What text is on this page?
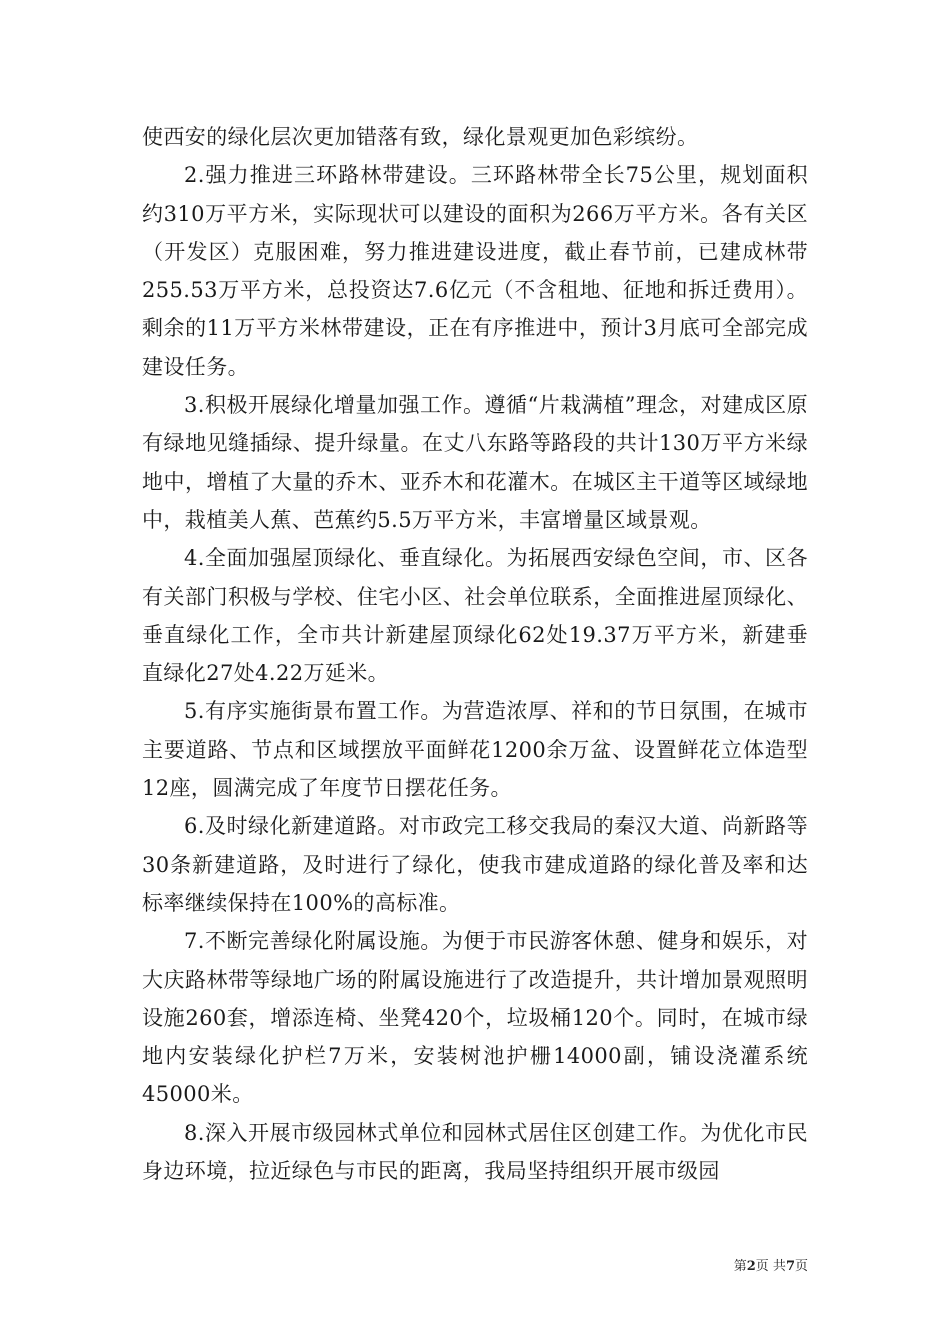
使西安的绿化层次更加错落有致，绿化景观更加色彩缤纷。

2.强力推进三环路林带建设。三环路林带全长75公里，规划面积约310万平方米，实际现状可以建设的面积为266万平方米。各有关区（开发区）克服困难，努力推进建设进度，截止春节前，已建成林带255.53万平方米，总投资达7.6亿元（不含租地、征地和拆迁费用）。剩余的11万平方米林带建设，正在有序推进中，预计3月底可全部完成建设任务。

3.积极开展绿化增量加强工作。遵循“片栽满植”理念，对建成区原有绿地见缝插绿、提升绿量。在丈八东路等路段的共计130万平方米绿地中，增植了大量的乔木、亚乔木和花灌木。在城区主干道等区域绿地中，栽植美人蕉、芭蕉约5.5万平方米，丰富增量区域景观。

4.全面加强屋顶绿化、垂直绿化。为拓展西安绿色空间，市、区各有关部门积极与学校、住宅小区、社会单位联系，全面推进屋顶绿化、垂直绿化工作，全市共计新建屋顶绿化62处19.37万平方米，新建垂直绿化27处4.22万延米。

5.有序实施街景布置工作。为营造浓厚、祥和的节日氛围，在城市主要道路、节点和区域摆放平面鲜花1200余万盆、设置鲜花立体造型12座，圆满完成了年度节日摆花任务。

6.及时绿化新建道路。对市政完工移交我局的秦汉大道、尚新路等30条新建道路，及时进行了绿化，使我市建成道路的绿化普及率和达标率继续保持在100%的高标准。

7.不断完善绿化附属设施。为便于市民游客休憩、健身和娱乐，对大庆路林带等绿地广场的附属设施进行了改造提升，共计增加景观照明设施260套，增添连椅、坐凳420个，垃圾桶120个。同时，在城市绿地内安装绿化护栏7万米，安装树池护栅14000副，铺设浇灌系统45000米。

8.深入开展市级园林式单位和园林式居住区创建工作。为优化市民身边环境，拉近绿色与市民的距离，我局坚持组织开展市级园

第2页 共7页
